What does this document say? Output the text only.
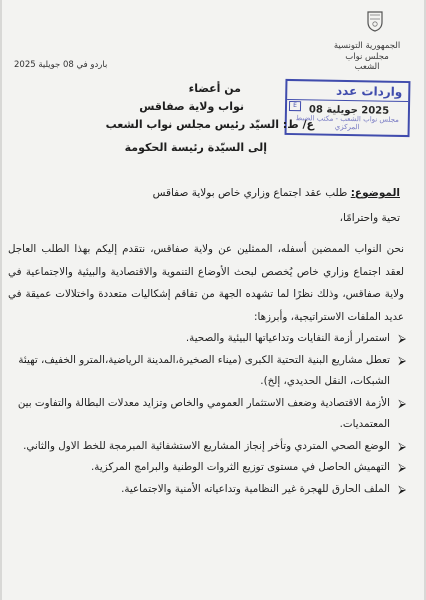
الجمهورية التونسية
مجلس نواب الشعب
باردو في 08 جويلية 2025
واردات عدد
E	2025 جويلية 08
مجلس نواب الشعب - مكتب الضبط المركزي
من أعضاء
نواب ولاية صفاقس
ع/ ط: السيّد رئيس مجلس نواب الشعب
إلى السيّدة رئيسة الحكومة
الموضوع: طلب عقد اجتماع وزاري خاص بولاية صفاقس
تحية واحترامًا،
نحن النواب الممضين أسفله، الممثلين عن ولاية صفاقس، نتقدم إليكم بهذا الطلب العاجل لعقد اجتماع وزاري خاص يُخصص لبحث الأوضاع التنموية والاقتصادية والبيئية والاجتماعية في ولاية صفاقس، وذلك نظرًا لما تشهده الجهة من تفاقم إشكاليات متعددة واختلالات عميقة في عديد الملفات الاستراتيجية، وأبرزها:
⮚
استمرار أزمة النفايات وتداعياتها البيئية والصحية.
⮚
تعطل مشاريع البنية التحتية الكبرى (ميناء الصخيرة،المدينة الرياضية،المترو الخفيف، تهيئة الشبكات، النقل الحديدي، إلخ).
⮚
الأزمة الاقتصادية وضعف الاستثمار العمومي والخاص وتزايد معدلات البطالة والتفاوت بين المعتمديات.
⮚
الوضع الصحي المتردي وتأخر إنجاز المشاريع الاستشفائية المبرمجة للخط الاول والثاني.
⮚
التهميش الحاصل في مستوى توزيع الثروات الوطنية والبرامج المركزية.
⮚
الملف الحارق للهجرة غير النظامية وتداعياته الأمنية والاجتماعية.
